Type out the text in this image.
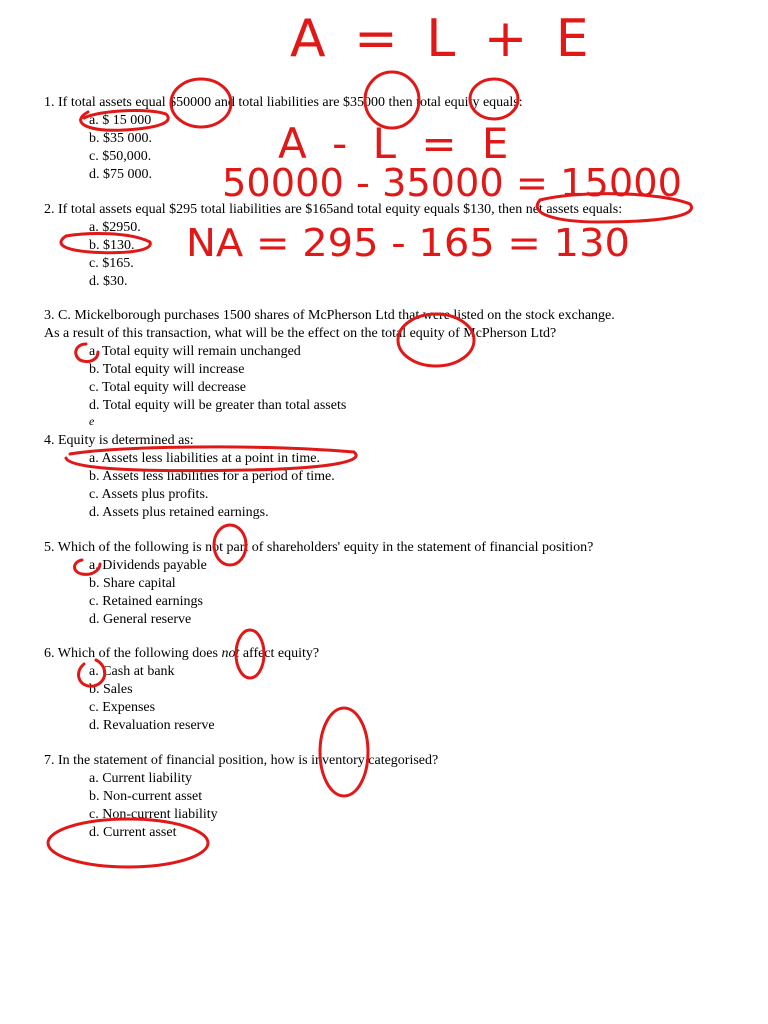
1. If total assets equal $50000 and total liabilities are $35000 then total equity equals:
a. $ 15 000
b. $35 000.
c. $50,000.
d. $75 000.
2. If total assets equal $295 total liabilities are $165and total equity equals $130, then net assets equals:
a. $2950.
b. $130.
c. $165.
d. $30.
3. C. Mickelborough purchases 1500 shares of McPherson Ltd that were listed on the stock exchange.
As a result of this transaction, what will be the effect on the total equity of McPherson Ltd?
a. Total equity will remain unchanged
b. Total equity will increase
c. Total equity will decrease
d. Total equity will be greater than total assets
e
4. Equity is determined as:
a. Assets less liabilities at a point in time.
b. Assets less liabilities for a period of time.
c. Assets plus profits.
d. Assets plus retained earnings.
5. Which of the following is not part of shareholders' equity in the statement of financial position?
a. Dividends payable
b. Share capital
c. Retained earnings
d. General reserve
6. Which of the following does not affect equity?
a. Cash at bank
b. Sales
c. Expenses
d. Revaluation reserve
7. In the statement of financial position, how is inventory categorised?
a. Current liability
b. Non-current asset
c. Non-current liability
d. Current asset
A = L + E
A - L = E
50000 - 35000 = 15000
NA = 295 - 165 = 130
